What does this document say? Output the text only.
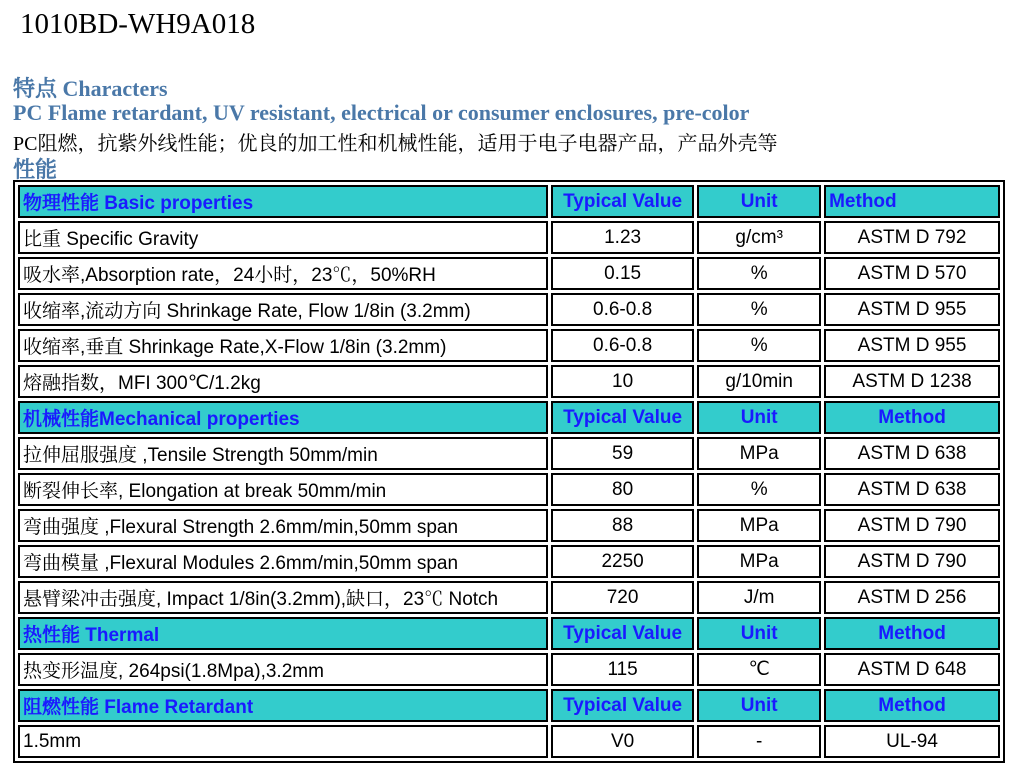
1010BD-WH9A018
特点 Characters
PC Flame retardant, UV resistant, electrical or consumer enclosures, pre-color
PC阻燃，抗紫外线性能；优良的加工性和机械性能，适用于电子电器产品，产品外壳等
性能
物理性能 Basic properties	Typical Value	Unit	Method
比重 Specific Gravity	1.23	g/cm³	ASTM D 792
吸水率,Absorption rate，24小时，23℃，50%RH	0.15	%	ASTM D 570
收缩率,流动方向 Shrinkage Rate, Flow 1/8in (3.2mm)	0.6-0.8	%	ASTM D 955
收缩率,垂直 Shrinkage Rate,X-Flow 1/8in (3.2mm)	0.6-0.8	%	ASTM D 955
熔融指数，MFI 300℃/1.2kg	10	g/10min	ASTM D 1238
机械性能Mechanical properties	Typical Value	Unit	Method
拉伸屈服强度 ,Tensile Strength 50mm/min	59	MPa	ASTM D 638
断裂伸长率, Elongation at break 50mm/min	80	%	ASTM D 638
弯曲强度 ,Flexural Strength 2.6mm/min,50mm span	88	MPa	ASTM D 790
弯曲模量 ,Flexural Modules 2.6mm/min,50mm span	2250	MPa	ASTM D 790
悬臂梁冲击强度, Impact 1/8in(3.2mm),缺口，23℃ Notch	720	J/m	ASTM D 256
热性能 Thermal	Typical Value	Unit	Method
热变形温度, 264psi(1.8Mpa),3.2mm	115	℃	ASTM D 648
阻燃性能 Flame Retardant	Typical Value	Unit	Method
1.5mm	V0	-	UL-94
